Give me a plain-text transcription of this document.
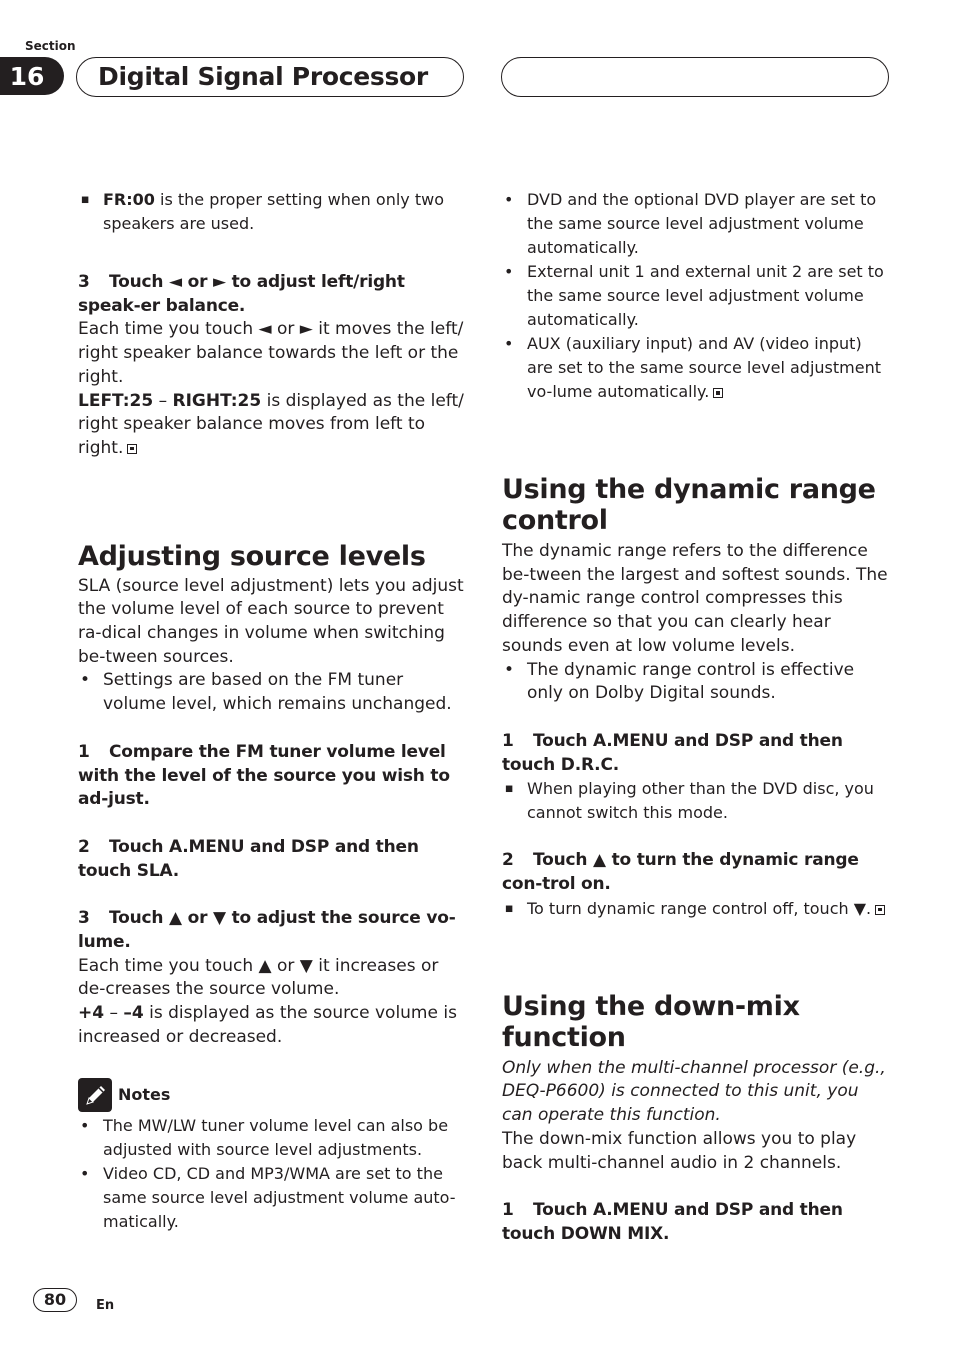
Section
16	Digital Signal Processor

■ FR:00 is the proper setting when only two speakers are used.

3 Touch ◄ or ► to adjust left/right speak-er balance.

Each time you touch ◄ or ► it moves the left/ right speaker balance towards the left or the right.

LEFT:25 – RIGHT:25 is displayed as the left/ right speaker balance moves from left to right.

Adjusting source levels

SLA (source level adjustment) lets you adjust the volume level of each source to prevent ra-dical changes in volume when switching be-tween sources.

• Settings are based on the FM tuner volume level, which remains unchanged.

1 Compare the FM tuner volume level with the level of the source you wish to ad-just.

2 Touch A.MENU and DSP and then touch SLA.

3 Touch ▲ or ▼ to adjust the source vo-lume.

Each time you touch ▲ or ▼ it increases or de-creases the source volume.

+4 – –4 is displayed as the source volume is increased or decreased.

Notes

• The MW/LW tuner volume level can also be adjusted with source level adjustments.

• Video CD, CD and MP3/WMA are set to the same source level adjustment volume auto-matically.

• DVD and the optional DVD player are set to the same source level adjustment volume automatically.

• External unit 1 and external unit 2 are set to the same source level adjustment volume automatically.

• AUX (auxiliary input) and AV (video input) are set to the same source level adjustment vo-lume automatically.

Using the dynamic range control

The dynamic range refers to the difference be-tween the largest and softest sounds. The dy-namic range control compresses this difference so that you can clearly hear sounds even at low volume levels.

• The dynamic range control is effective only on Dolby Digital sounds.

1 Touch A.MENU and DSP and then touch D.R.C.

■ When playing other than the DVD disc, you cannot switch this mode.

2 Touch ▲ to turn the dynamic range con-trol on.

■ To turn dynamic range control off, touch ▼.

Using the down-mix function

Only when the multi-channel processor (e.g., DEQ-P6600) is connected to this unit, you can operate this function.

The down-mix function allows you to play back multi-channel audio in 2 channels.

1 Touch A.MENU and DSP and then touch DOWN MIX.

80	En
